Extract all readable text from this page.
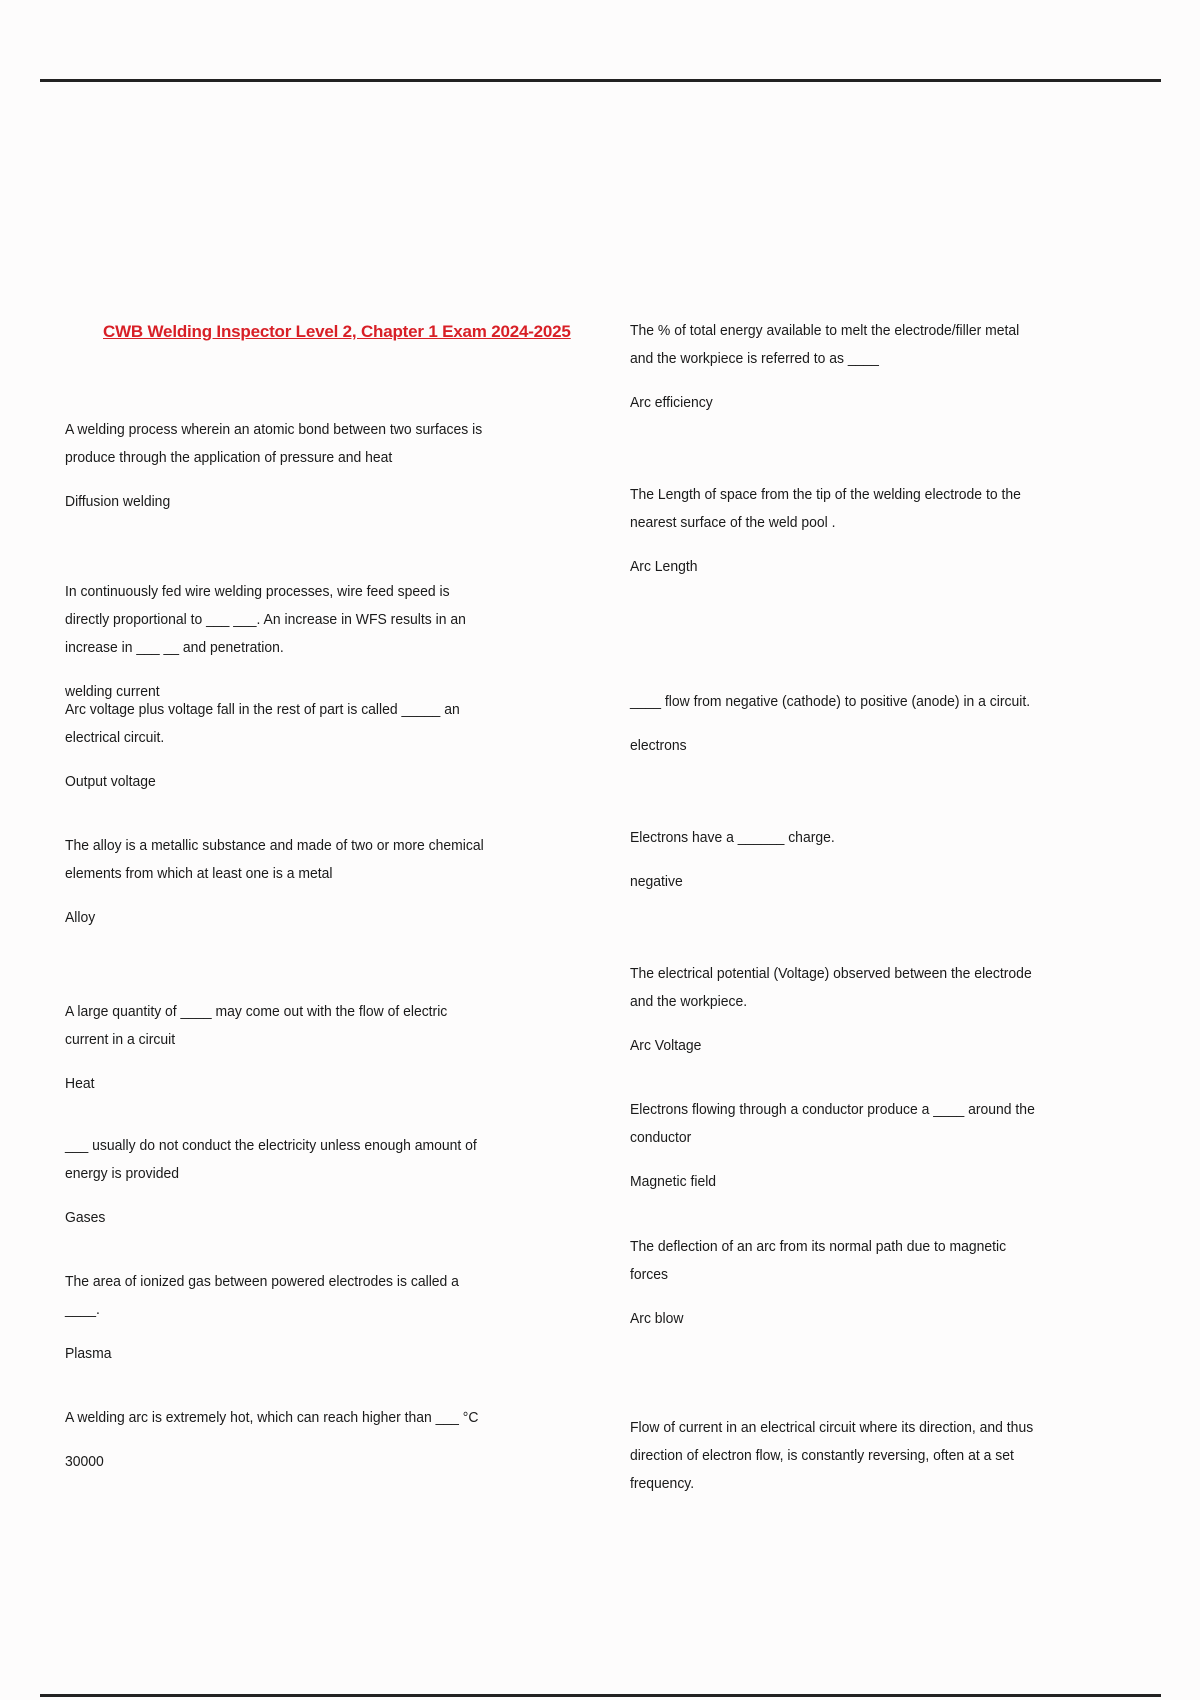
CWB Welding Inspector Level 2, Chapter 1 Exam 2024-2025
A welding process wherein an atomic bond between two surfaces is produce through the application of pressure and heat
Diffusion welding
In continuously fed wire welding processes, wire feed speed is directly proportional to ___ ___. An increase in WFS results in an increase in ___ __ and penetration.
welding current
Arc voltage plus voltage fall in the rest of part is called _____ an electrical circuit.
Output voltage
The alloy is a metallic substance and made of two or more chemical elements from which at least one is a metal
Alloy
A large quantity of ____ may come out with the flow of electric current in a circuit
Heat
___ usually do not conduct the electricity unless enough amount of energy is provided
Gases
The area of ionized gas between powered electrodes is called a ____.
Plasma
A welding arc is extremely hot, which can reach higher than ___ °C
30000
The % of total energy available to melt the electrode/filler metal and the workpiece is referred to as ____
Arc efficiency
The Length of space from the tip of the welding electrode to the nearest surface of the weld pool .
Arc Length
____ flow from negative (cathode) to positive (anode) in a circuit.
electrons
Electrons have a ______ charge.
negative
The electrical potential (Voltage) observed between the electrode and the workpiece.
Arc Voltage
Electrons flowing through a conductor produce a ____ around the conductor
Magnetic field
The deflection of an arc from its normal path due to magnetic forces
Arc blow
Flow of current in an electrical circuit where its direction, and thus direction of electron flow, is constantly reversing, often at a set frequency.
